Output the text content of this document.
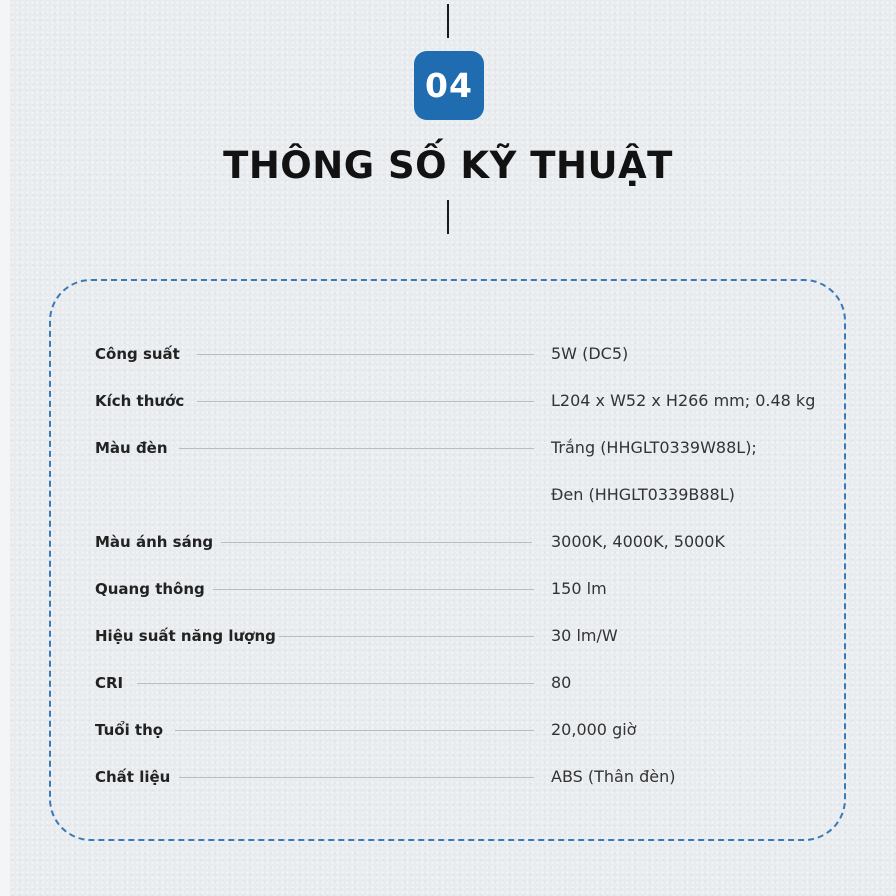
04
THÔNG SỐ KỸ THUẬT
Công suất	5W (DC5)
Kích thước	L204 x W52 x H266 mm; 0.48 kg
Màu đèn	Trắng (HHGLT0339W88L);
Đen (HHGLT0339B88L)
Màu ánh sáng	3000K, 4000K, 5000K
Quang thông	150 lm
Hiệu suất năng lượng	30 lm/W
CRI	80
Tuổi thọ	20,000 giờ
Chất liệu	ABS (Thân đèn)
